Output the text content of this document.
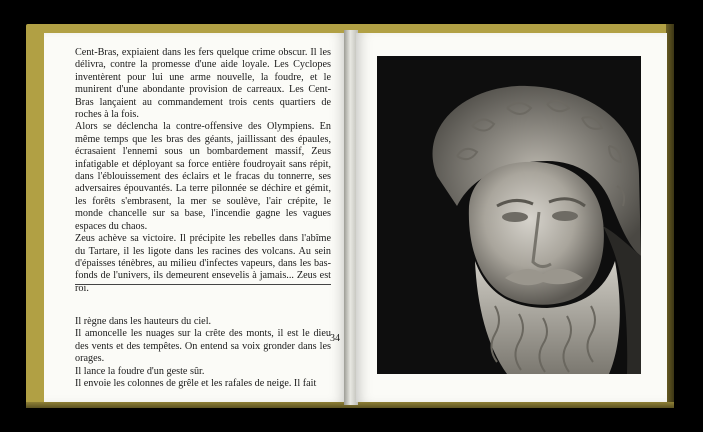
Cent-Bras, expiaient dans les fers quelque crime obscur. Il les délivra, contre la promesse d'une aide loyale. Les Cyclopes inventèrent pour lui une arme nouvelle, la foudre, et le munirent d'une abondante provision de carreaux. Les Cent-Bras lançaient au commandement trois cents quartiers de roches à la fois.

Alors se déclencha la contre-offensive des Olympiens. En même temps que les bras des géants, jaillissant des épaules, écrasaient l'ennemi sous un bombardement massif, Zeus infatigable et déployant sa force entière foudroyait sans répit, dans l'éblouissement des éclairs et le fracas du tonnerre, ses adversaires épouvantés. La terre pilonnée se déchire et gémit, les forêts s'embrasent, la mer se soulève, l'air crépite, le monde chancelle sur sa base, l'incendie gagne les vagues espaces du chaos.

Zeus achève sa victoire. Il précipite les rebelles dans l'abîme du Tartare, il les ligote dans les racines des volcans. Au sein d'épaisses ténèbres, au milieu d'infectes vapeurs, dans les bas-fonds de l'univers, ils demeurent ensevelis à jamais... Zeus est roi.

Il règne dans les hauteurs du ciel.

Il amoncelle les nuages sur la crête des monts, il est le dieu des vents et des tempêtes. On entend sa voix gronder dans les orages.

Il lance la foudre d'un geste sûr.

Il envoie les colonnes de grêle et les rafales de neige. Il fait

34
